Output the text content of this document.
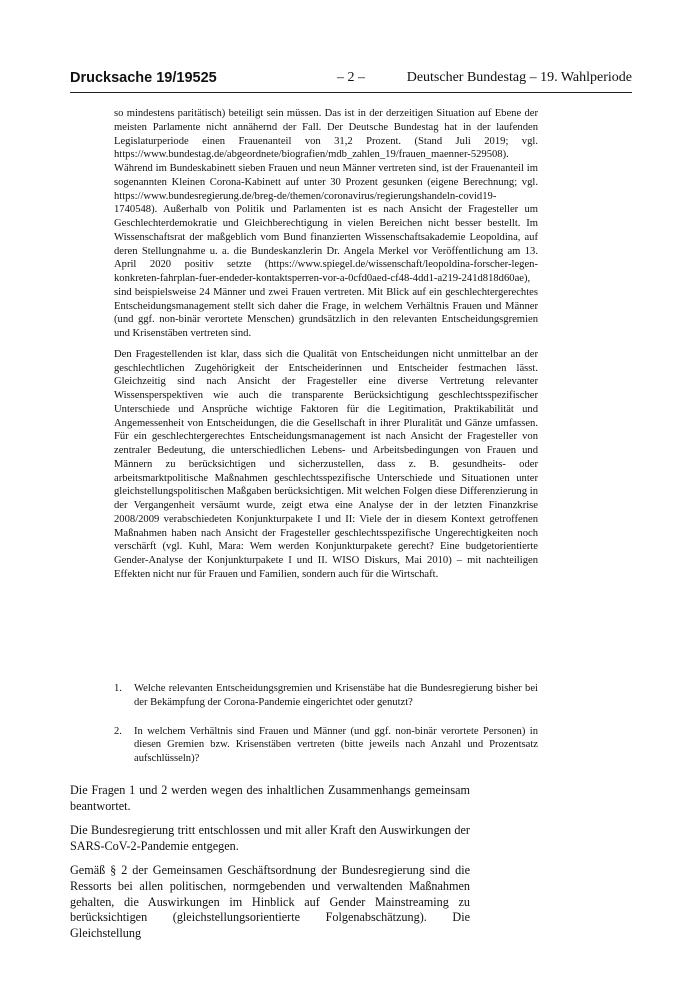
Drucksache 19/19525	– 2 –	Deutscher Bundestag – 19. Wahlperiode

so mindestens paritätisch) beteiligt sein müssen. Das ist in der derzeitigen Situation auf Ebene der meisten Parlamente nicht annähernd der Fall. Der Deutsche Bundestag hat in der laufenden Legislaturperiode einen Frauenanteil von 31,2 Prozent. (Stand Juli 2019; vgl. https://www.bundestag.de/abgeordnete/biografien/mdb_zahlen_19/frauen_maenner-529508). Während im Bundeskabinett sieben Frauen und neun Männer vertreten sind, ist der Frauenanteil im sogenannten Kleinen Corona-Kabinett auf unter 30 Prozent gesunken (eigene Berechnung; vgl. https://www.bundesregierung.de/breg-de/themen/coronavirus/regierungshandeln-covid19-1740548). Außerhalb von Politik und Parlamenten ist es nach Ansicht der Fragesteller um Geschlechterdemokratie und Gleichberechtigung in vielen Bereichen nicht besser bestellt. Im Wissenschaftsrat der maßgeblich vom Bund finanzierten Wissenschaftsakademie Leopoldina, auf deren Stellungnahme u. a. die Bundeskanzlerin Dr. Angela Merkel vor Veröffentlichung am 13. April 2020 positiv setzte (https://www.spiegel.de/wissenschaft/leopoldina-forscher-legen-konkreten-fahrplan-fuer-endeder-kontaktsperren-vor-a-0cfd0aed-cf48-4dd1-a219-241d818d60ae), sind beispielsweise 24 Männer und zwei Frauen vertreten. Mit Blick auf ein geschlechtergerechtes Entscheidungsmanagement stellt sich daher die Frage, in welchem Verhältnis Frauen und Männer (und ggf. non-binär verortete Menschen) grundsätzlich in den relevanten Entscheidungsgremien und Krisenstäben vertreten sind.

Den Fragestellenden ist klar, dass sich die Qualität von Entscheidungen nicht unmittelbar an der geschlechtlichen Zugehörigkeit der Entscheiderinnen und Entscheider festmachen lässt. Gleichzeitig sind nach Ansicht der Fragesteller eine diverse Vertretung relevanter Wissensperspektiven wie auch die transparente Berücksichtigung geschlechtsspezifischer Unterschiede und Ansprüche wichtige Faktoren für die Legitimation, Praktikabilität und Angemessenheit von Entscheidungen, die die Gesellschaft in ihrer Pluralität und Gänze umfassen. Für ein geschlechtergerechtes Entscheidungsmanagement ist nach Ansicht der Fragesteller von zentraler Bedeutung, die unterschiedlichen Lebens- und Arbeitsbedingungen von Frauen und Männern zu berücksichtigen und sicherzustellen, dass z. B. gesundheits- oder arbeitsmarktpolitische Maßnahmen geschlechtsspezifische Unterschiede und Situationen unter gleichstellungspolitischen Maßgaben berücksichtigen. Mit welchen Folgen diese Differenzierung in der Vergangenheit versäumt wurde, zeigt etwa eine Analyse der in der letzten Finanzkrise 2008/2009 verabschiedeten Konjunkturpakete I und II: Viele der in diesem Kontext getroffenen Maßnahmen haben nach Ansicht der Fragesteller geschlechtsspezifische Ungerechtigkeiten noch verschärft (vgl. Kuhl, Mara: Wem werden Konjunkturpakete gerecht? Eine budgetorientierte Gender-Analyse der Konjunkturpakete I und II. WISO Diskurs, Mai 2010) – mit nachteiligen Effekten nicht nur für Frauen und Familien, sondern auch für die Wirtschaft.

1. Welche relevanten Entscheidungsgremien und Krisenstäbe hat die Bundesregierung bisher bei der Bekämpfung der Corona-Pandemie eingerichtet oder genutzt?
2. In welchem Verhältnis sind Frauen und Männer (und ggf. non-binär verortete Personen) in diesen Gremien bzw. Krisenstäben vertreten (bitte jeweils nach Anzahl und Prozentsatz aufschlüsseln)?

Die Fragen 1 und 2 werden wegen des inhaltlichen Zusammenhangs gemeinsam beantwortet.

Die Bundesregierung tritt entschlossen und mit aller Kraft den Auswirkungen der SARS-CoV-2-Pandemie entgegen.

Gemäß § 2 der Gemeinsamen Geschäftsordnung der Bundesregierung sind die Ressorts bei allen politischen, normgebenden und verwaltenden Maßnahmen gehalten, die Auswirkungen im Hinblick auf Gender Mainstreaming zu berücksichtigen (gleichstellungsorientierte Folgenabschätzung). Die Gleichstellung
